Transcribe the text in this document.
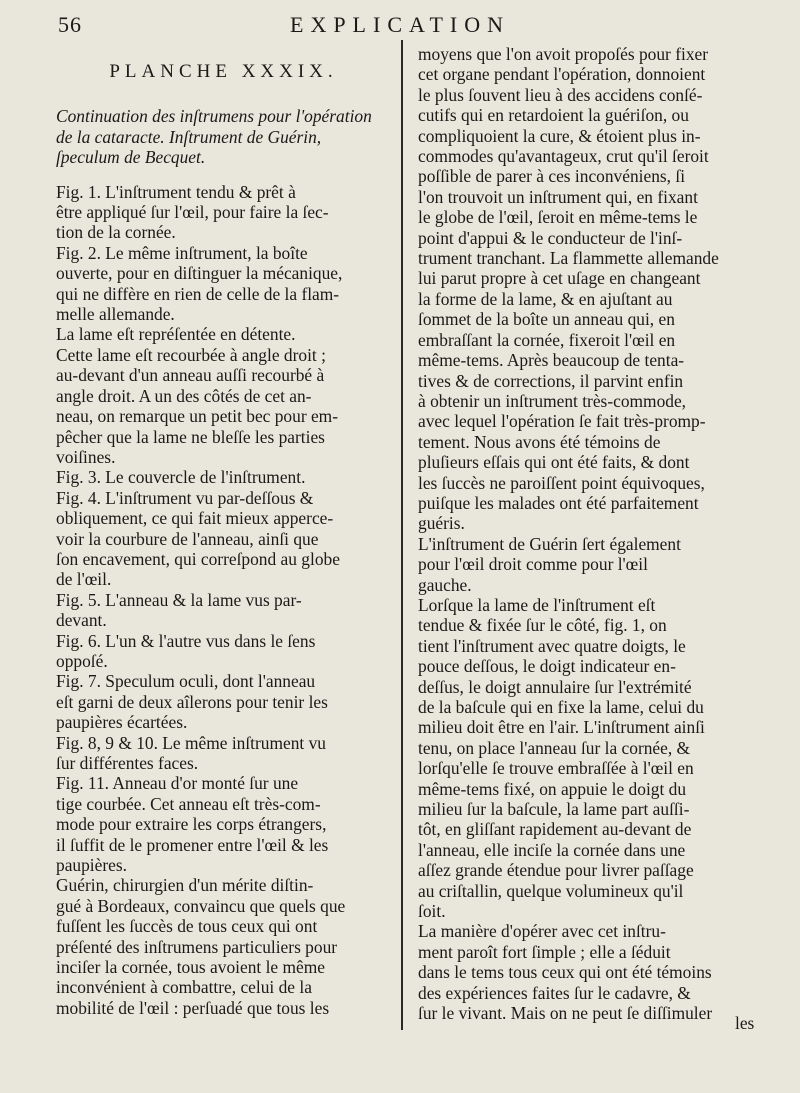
56	EXPLICATION
PLANCHE XXXIX.
Continuation des inſtrumens pour l'opération
de la cataracte. Inſtrument de Guérin,
ſpeculum de Becquet.
Fig. 1. L'inſtrument tendu & prêt à
être appliqué ſur l'œil, pour faire la ſec-
tion de la cornée.
Fig. 2. Le même inſtrument, la boîte
ouverte, pour en diſtinguer la mécanique,
qui ne diffère en rien de celle de la flam-
melle allemande.
La lame eſt repréſentée en détente.
Cette lame eſt recourbée à angle droit ;
au-devant d'un anneau auſſi recourbé à
angle droit. A un des côtés de cet an-
neau, on remarque un petit bec pour em-
pêcher que la lame ne bleſſe les parties
voiſines.
Fig. 3. Le couvercle de l'inſtrument.
Fig. 4. L'inſtrument vu par-deſſous &
obliquement, ce qui fait mieux apperce-
voir la courbure de l'anneau, ainſi que
ſon encavement, qui correſpond au globe
de l'œil.
Fig. 5. L'anneau & la lame vus par-
devant.
Fig. 6. L'un & l'autre vus dans le ſens
oppoſé.
Fig. 7. Speculum oculi, dont l'anneau
eſt garni de deux aîlerons pour tenir les
paupières écartées.
Fig. 8, 9 & 10. Le même inſtrument vu
ſur différentes faces.
Fig. 11. Anneau d'or monté ſur une
tige courbée. Cet anneau eſt très-com-
mode pour extraire les corps étrangers,
il ſuffit de le promener entre l'œil & les
paupières.
Guérin, chirurgien d'un mérite diſtin-
gué à Bordeaux, convaincu que quels que
fuſſent les ſuccès de tous ceux qui ont
préſenté des inſtrumens particuliers pour
inciſer la cornée, tous avoient le même
inconvénient à combattre, celui de la
mobilité de l'œil : perſuadé que tous les
moyens que l'on avoit propoſés pour fixer
cet organe pendant l'opération, donnoient
le plus ſouvent lieu à des accidens conſé-
cutifs qui en retardoient la guériſon, ou
compliquoient la cure, & étoient plus in-
commodes qu'avantageux, crut qu'il ſeroit
poſſible de parer à ces inconvéniens, ſi
l'on trouvoit un inſtrument qui, en fixant
le globe de l'œil, ſeroit en même-tems le
point d'appui & le conducteur de l'inſ-
trument tranchant. La flammette allemande
lui parut propre à cet uſage en changeant
la forme de la lame, & en ajuſtant au
ſommet de la boîte un anneau qui, en
embraſſant la cornée, fixeroit l'œil en
même-tems. Après beaucoup de tenta-
tives & de corrections, il parvint enfin
à obtenir un inſtrument très-commode,
avec lequel l'opération ſe fait très-promp-
tement. Nous avons été témoins de
pluſieurs eſſais qui ont été faits, & dont
les ſuccès ne paroiſſent point équivoques,
puiſque les malades ont été parfaitement
guéris.
L'inſtrument de Guérin ſert également
pour l'œil droit comme pour l'œil
gauche.
Lorſque la lame de l'inſtrument eſt
tendue & fixée ſur le côté, fig. 1, on
tient l'inſtrument avec quatre doigts, le
pouce deſſous, le doigt indicateur en-
deſſus, le doigt annulaire ſur l'extrémité
de la baſcule qui en fixe la lame, celui du
milieu doit être en l'air. L'inſtrument ainſi
tenu, on place l'anneau ſur la cornée, &
lorſqu'elle ſe trouve embraſſée à l'œil en
même-tems fixé, on appuie le doigt du
milieu ſur la baſcule, la lame part auſſi-
tôt, en gliſſant rapidement au-devant de
l'anneau, elle inciſe la cornée dans une
aſſez grande étendue pour livrer paſſage
au criſtallin, quelque volumineux qu'il
ſoit.
La manière d'opérer avec cet inſtru-
ment paroît fort ſimple ; elle a ſéduit
dans le tems tous ceux qui ont été témoins
des expériences faites ſur le cadavre, &
ſur le vivant. Mais on ne peut ſe diſſimuler	les
